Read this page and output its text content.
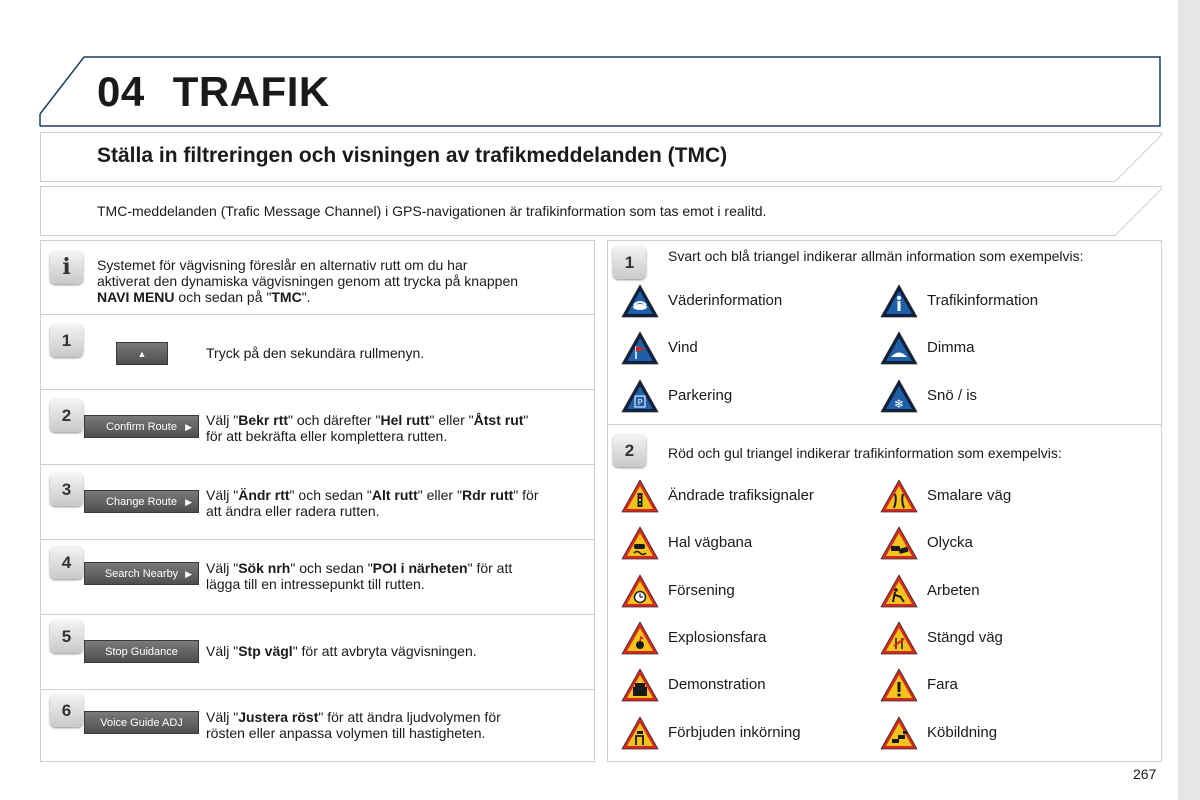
04 TRAFIK
Ställa in filtreringen och visningen av trafikmeddelanden (TMC)
TMC-meddelanden (Trafic Message Channel) i GPS-navigationen är trafikinformation som tas emot i realitd.
i	Systemet för vägvisning föreslår en alternativ rutt om du har
aktiverat den dynamiska vägvisningen genom att trycka på knappen
NAVI MENU och sedan på "TMC".
1
▲	Tryck på den sekundära rullmenyn.
2
Confirm Route ▶ Välj "Bekr rtt" och därefter "Hel rutt" eller "Åtst rut"
för att bekräfta eller komplettera rutten.
3
Change Route ▶ Välj "Ändr rtt" och sedan "Alt rutt" eller "Rdr rutt" för
att ändra eller radera rutten.
4
Search Nearby ▶ Välj "Sök nrh" och sedan "POI i närheten" för att
lägga till en intressepunkt till rutten.
5
Stop Guidance	Välj "Stp vägl" för att avbryta vägvisningen.
6
Voice Guide ADJ	Välj "Justera röst" för att ändra ljudvolymen för
rösten eller anpassa volymen till hastigheten.
1	Svart och blå triangel indikerar allmän information som exempelvis:
Väderinformation	Trafikinformation
Vind	Dimma
P Parkering	❄ Snö / is
2	Röd och gul triangel indikerar trafikinformation som exempelvis:
Ändrade trafiksignaler	Smalare väg
Hal vägbana	Olycka
Försening	Arbeten
Explosionsfara	Stängd väg
Demonstration	Fara
Förbjuden inkörning	Köbildning
267
